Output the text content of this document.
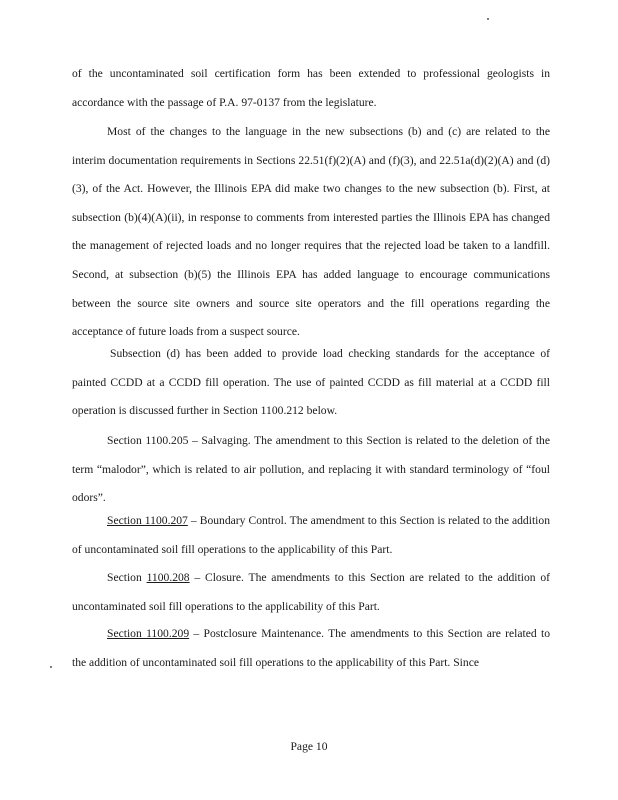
of the uncontaminated soil certification form has been extended to professional geologists in accordance with the passage of P.A. 97-0137 from the legislature.

Most of the changes to the language in the new subsections (b) and (c) are related to the interim documentation requirements in Sections 22.51(f)(2)(A) and (f)(3), and 22.51a(d)(2)(A) and (d)(3), of the Act. However, the Illinois EPA did make two changes to the new subsection (b). First, at subsection (b)(4)(A)(ii), in response to comments from interested parties the Illinois EPA has changed the management of rejected loads and no longer requires that the rejected load be taken to a landfill. Second, at subsection (b)(5) the Illinois EPA has added language to encourage communications between the source site owners and source site operators and the fill operations regarding the acceptance of future loads from a suspect source.

Subsection (d) has been added to provide load checking standards for the acceptance of painted CCDD at a CCDD fill operation. The use of painted CCDD as fill material at a CCDD fill operation is discussed further in Section 1100.212 below.

Section 1100.205 – Salvaging. The amendment to this Section is related to the deletion of the term “malodor”, which is related to air pollution, and replacing it with standard terminology of “foul odors”.

Section 1100.207 – Boundary Control. The amendment to this Section is related to the addition of uncontaminated soil fill operations to the applicability of this Part.

Section 1100.208 – Closure. The amendments to this Section are related to the addition of uncontaminated soil fill operations to the applicability of this Part.

Section 1100.209 – Postclosure Maintenance. The amendments to this Section are related to the addition of uncontaminated soil fill operations to the applicability of this Part. Since

Page 10
